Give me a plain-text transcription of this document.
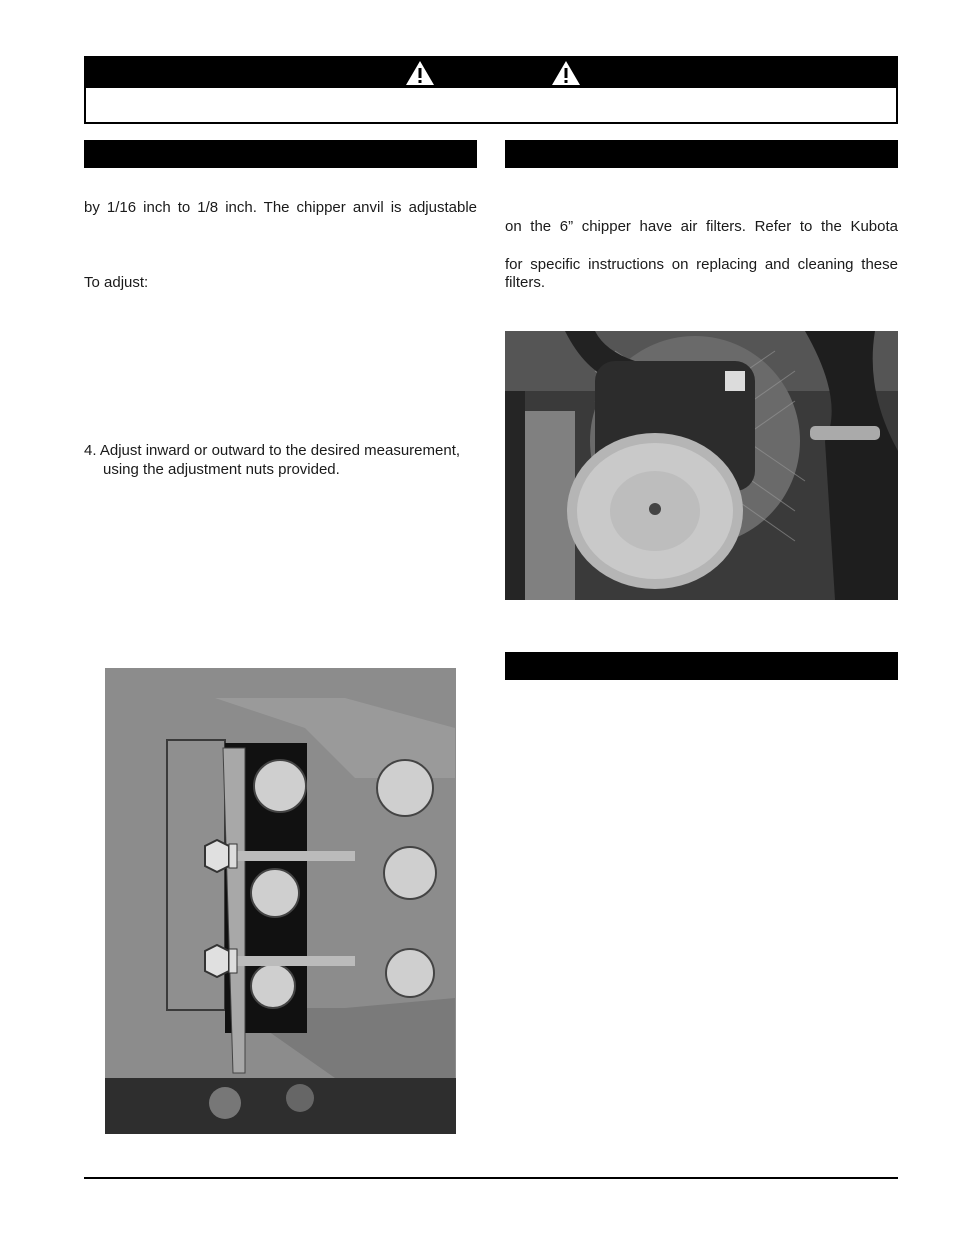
by 1/16 inch to 1/8 inch. The chipper anvil is adjustable
To adjust:
4. Adjust inward or outward to the desired measurement,
using the adjustment nuts provided.
on the 6” chipper have air filters. Refer to the Kubota
for specific instructions on replacing and cleaning these
filters.
